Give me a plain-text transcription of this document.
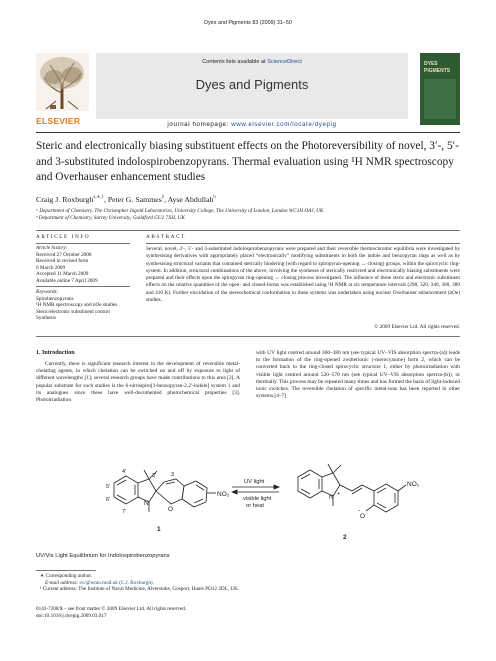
Dyes and Pigments 83 (2009) 31–50
ELSEVIER
Contents lists available at ScienceDirect
Dyes and Pigments
journal homepage: www.elsevier.com/locate/dyepig
DYES
PIGMENTS
Steric and electronically biasing substituent effects on the Photoreversibility of novel, 3′-, 5′- and 3-substituted indolospirobenzopyrans. Thermal evaluation using ¹H NMR spectroscopy and Overhauser enhancement studies
Craig J. Roxburgh$^{a,∗,1}$, Peter G. Sammes$^b$, Ayse Abdullah$^b$
ᵃ Department of Chemistry, The Christopher Ingold Laboratories, University College, The University of London, London WC1H OAJ, UK
ᵇ Department of Chemistry, Surrey University, Guildford GU2 7XH, UK
ARTICLE INFO
Article history:
Received 27 October 2008
Received in revised form
6 March 2009
Accepted 11 March 2009
Available online 7 April 2009
Keywords:
Spirobenzopyrans
¹H NMR spectroscopy and nOe studies
Steric/electronic substituent control
Synthesis
ABSTRACT
Several, novel, 3′-, 5′- and 3-substituted indolospirobenzopyrans were prepared and their reversible thermochromic equilibria were investigated by synthesising derivatives with appropriately placed “electronically” modifying substituents in both the indole and benzopyran rings as well as by synthesising structural variants that contained sterically hindering (with regard to spiropyran-opening ↔ closing) groups, within the spirocyclic ring-system. In addition, structural combinations of the above, involving the syntheses of sterically restricted and electronically biasing substituents were prepared and their effects upon the spiropyran ring-opening ↔ closing process investigated. The influence of these steric and electronic substituent effects on the relative quantities of the open- and closed-forms was established using ¹H NMR at six temperature intervals (298, 320, 340, 360, 380 and 410 K). Further elucidation of the stereochemical conformation in these systems was undertaken using nuclear Overhauser enhancement (nOe) studies.
© 2009 Elsevier Ltd. All rights reserved.
1. Introduction
Currently, there is significant research interest in the development of reversible metal-chelating agents, in which chelation can be switched on and off by exposure to light of different wavelengths [1]; several research groups have made contributions to this area [2]. A popular substrate for such studies is the 6-nitrospiro[1-benzopyran-2,2′-indole] system 1 and its analogues since these have well-documented photochemical properties [3]. Photoirradiation
with UV light centred around 360–380 nm (see typical UV–VIS absorption spectra-(a)) leads to the formation of the ring-opened zwitterionic (-merocyanine) form 2, which can be converted back to the ring-closed spirocyclic structure 1, either by photoirradiation with visible light centred around 520–570 nm (see typical UV–VIS absorption spectra-(b)), or thermally. This process may be repeated many times and has formed the basis of light-induced ionic switches. The reversible chelation of specific metal-ions has been reported in other systems.[4–7]
4'
5'
6'
7'
3'	3
N
O
NO₂	N +
O
-
NO₂
UV light
visible light
or heat
1
2
UV/Vis Light Equilibrium for Indolospirobenzopyrans
∗ Corresponding author.
E-mail address: ivc@wmo.mod.uk (C.J. Roxburgh).
¹ Current address: The Institute of Naval Medicine, Alverstoke, Gosport, Hants PO12 2DL, UK.
0143-7208/$ – see front matter © 2009 Elsevier Ltd. All rights reserved.
doi:10.1016/j.dyepig.2009.03.017
